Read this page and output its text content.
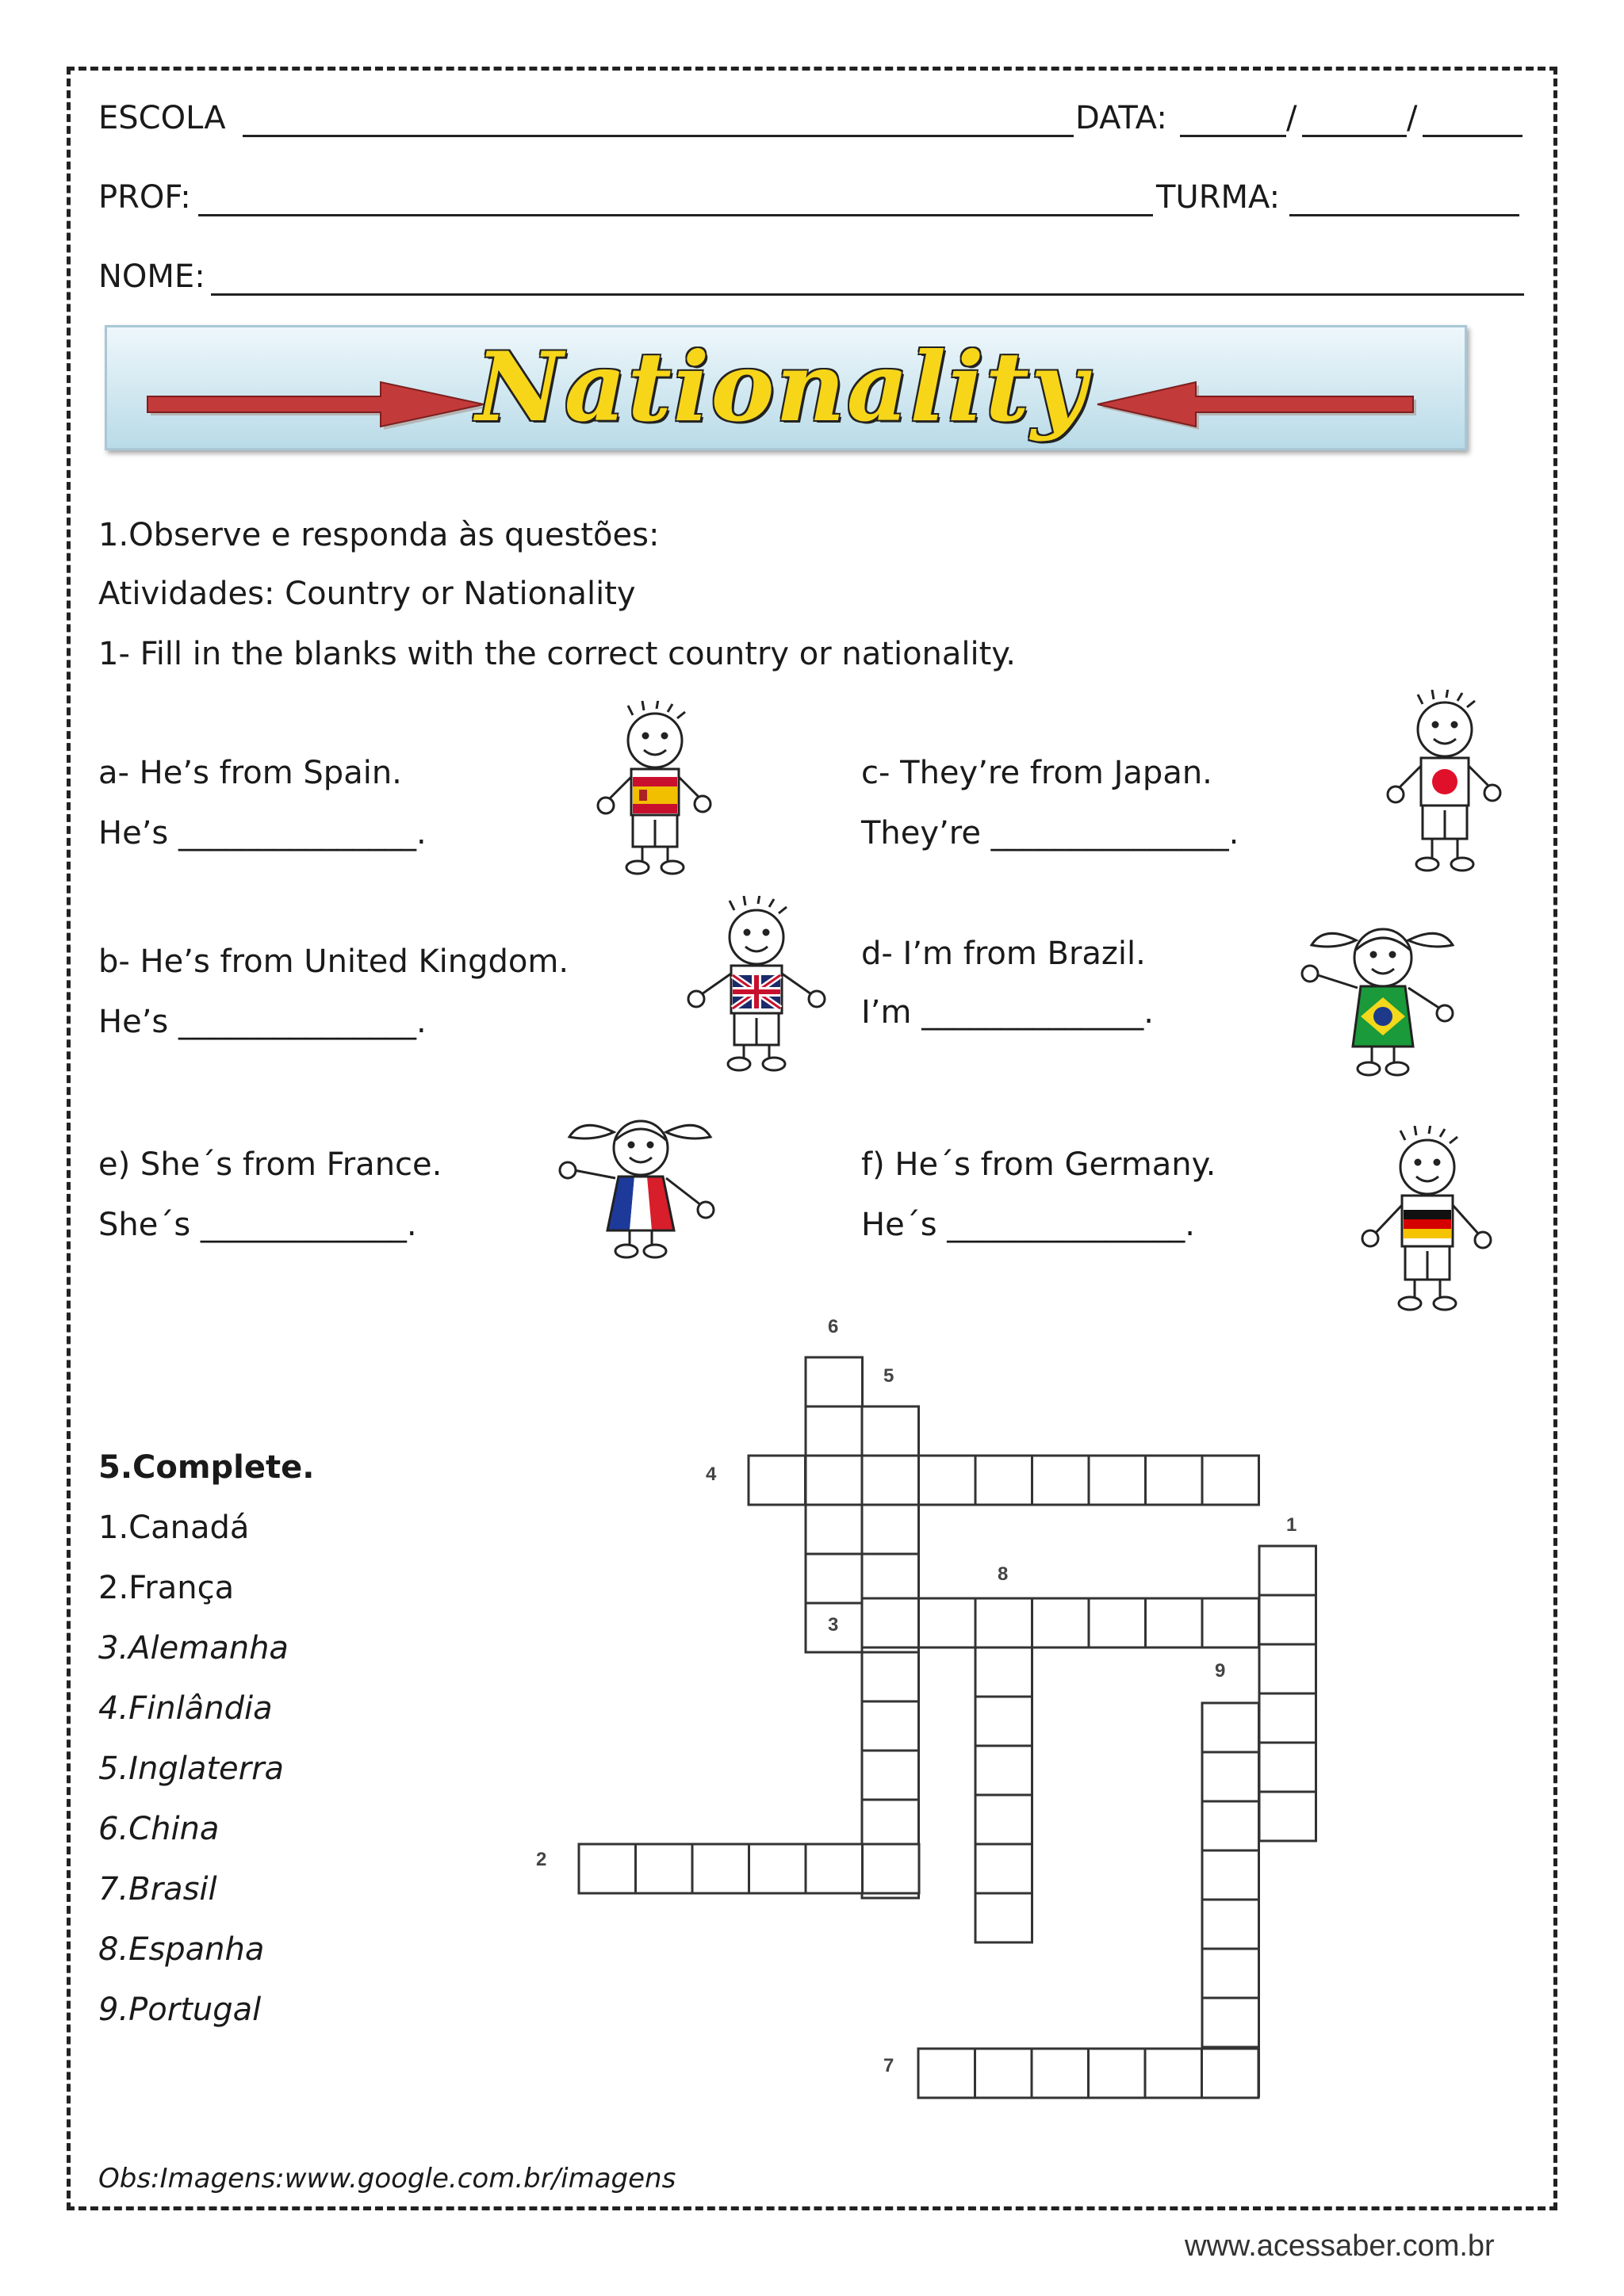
ESCOLA	DATA:	/	/
PROF:	TURMA:
NOME:
Nationality
1.Observe e responda às questões:
Atividades: Country or Nationality
1- Fill in the blanks with the correct country or nationality.
a- He’s from Spain.
He’s _______________.
c- They’re from Japan.
They’re _______________.
b- He’s from United Kingdom.
He’s _______________.
d- I’m from Brazil.
I’m ______________.
e) She´s from France.
She´s _____________.
f) He´s from Germany.
He´s _______________.
5.Complete.
1.Canadá
2.França
3.Alemanha
4.Finlândia
5.Inglaterra
6.China
7.Brasil
8.Espanha
9.Portugal
1
2
3
4
5
6
7
8
9
Obs:Imagens:www.google.com.br/imagens
www.acessaber.com.br
